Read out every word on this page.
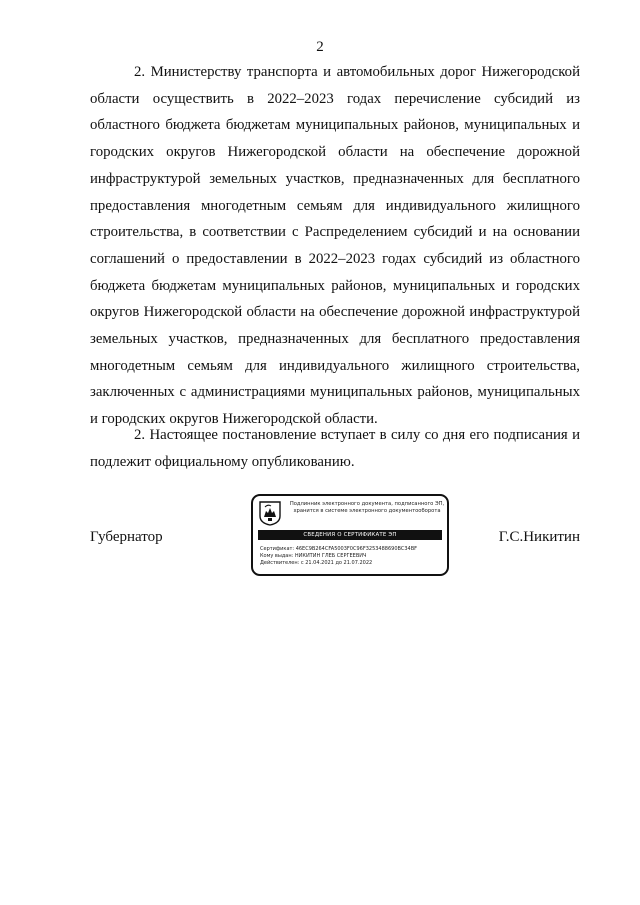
2

2. Министерству транспорта и автомобильных дорог Нижегородской области осуществить в 2022–2023 годах перечисление субсидий из областного бюджета бюджетам муниципальных районов, муниципальных и городских округов Нижегородской области на обеспечение дорожной инфраструктурой земельных участков, предназначенных для бесплатного предоставления многодетным семьям для индивидуального жилищного строительства, в соответствии с Распределением субсидий и на основании соглашений о предоставлении в 2022–2023 годах субсидий из областного бюджета бюджетам муниципальных районов, муниципальных и городских округов Нижегородской области на обеспечение дорожной инфраструктурой земельных участков, предназначенных для бесплатного предоставления многодетным семьям для индивидуального жилищного строительства, заключенных с администрациями муниципальных районов, муниципальных и городских округов Нижегородской области.

2. Настоящее постановление вступает в силу со дня его подписания и подлежит официальному опубликованию.

Губернатор	Г.С.Никитин
Подлинник электронного документа, подписанного ЭП, хранится в системе электронного документооборота
СВЕДЕНИЯ О СЕРТИФИКАТЕ ЭП
Сертификат: 46EC9B264CFA5003F0C96F3253488690BC34BF
Кому выдан: НИКИТИН ГЛЕБ СЕРГЕЕВИЧ
Действителен: с 21.04.2021 до 21.07.2022
